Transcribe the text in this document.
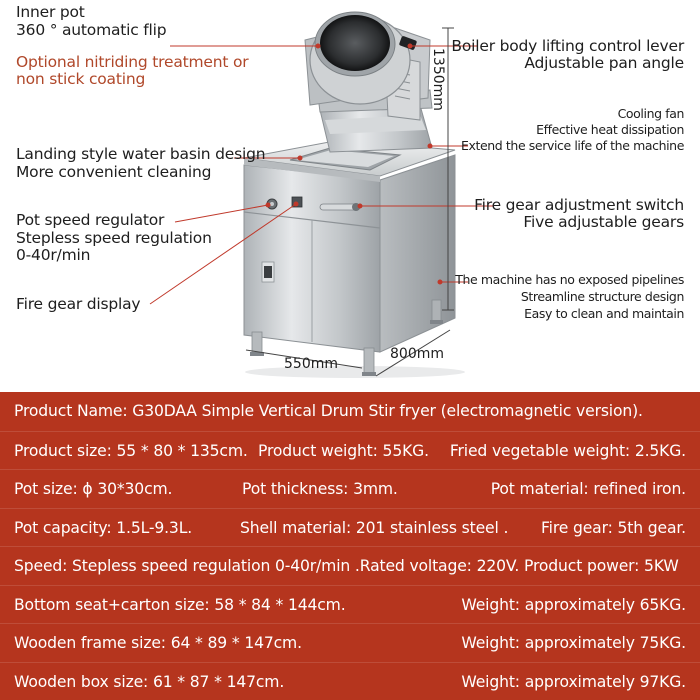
Inner pot
360 ° automatic flip
Optional nitriding treatment or
non stick coating
Landing style water basin design
More convenient cleaning
Pot speed regulator
Stepless speed regulation
0-40r/min
Fire gear display
Boiler body lifting control lever
Adjustable pan angle
Cooling fan
Effective heat dissipation
Extend the service life of the machine
Fire gear adjustment switch
Five adjustable gears
The machine has no exposed pipelines
Streamline structure design
Easy to clean and maintain
1350mm
550mm
800mm
Product Name: G30DAA Simple Vertical Drum Stir fryer (electromagnetic version).
Product size: 55 * 80 * 135cm. Product weight: 55KG. Fried vegetable weight: 2.5KG.
Pot size: ϕ 30*30cm.	Pot thickness: 3mm.	Pot material: refined iron.
Pot capacity: 1.5L-9.3L.	Shell material: 201 stainless steel . Fire gear: 5th gear.
Speed: Stepless speed regulation 0-40r/min .Rated voltage: 220V. Product power: 5KW
Bottom seat+carton size: 58 * 84 * 144cm.	Weight: approximately 65KG.
Wooden frame size: 64 * 89 * 147cm.	Weight: approximately 75KG.
Wooden box size: 61 * 87 * 147cm.	Weight: approximately 97KG.
